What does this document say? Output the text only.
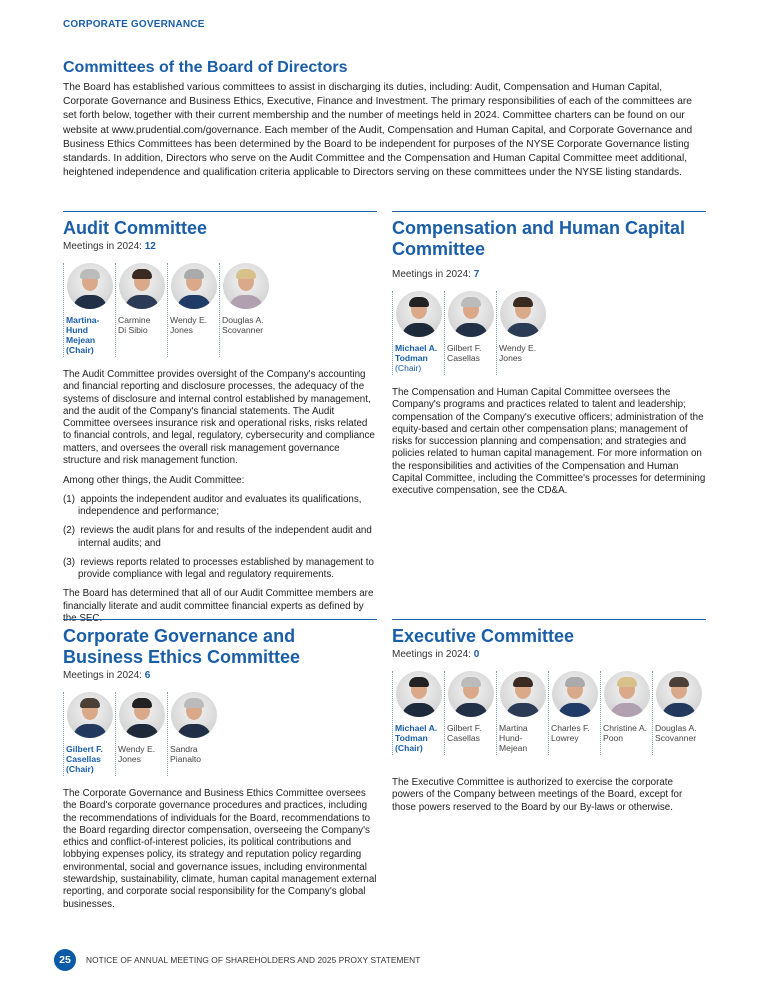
CORPORATE GOVERNANCE
Committees of the Board of Directors

The Board has established various committees to assist in discharging its duties, including: Audit, Compensation and Human Capital, Corporate Governance and Business Ethics, Executive, Finance and Investment. The primary responsibilities of each of the committees are set forth below, together with their current membership and the number of meetings held in 2024. Committee charters can be found on our website at www.prudential.com/governance. Each member of the Audit, Compensation and Human Capital, and Corporate Governance and Business Ethics Committees has been determined by the Board to be independent for purposes of the NYSE Corporate Governance listing standards. In addition, Directors who serve on the Audit Committee and the Compensation and Human Capital Committee meet additional, heightened independence and qualification criteria applicable to Directors serving on these committees under the NYSE listing standards.

Audit Committee
Meetings in 2024: 12
Martina-
Hund Mejean
(Chair)
Carmine
Di Sibio
Wendy E.
Jones
Douglas A.
Scovanner

The Audit Committee provides oversight of the Company's accounting and financial reporting and disclosure processes, the adequacy of the systems of disclosure and internal control established by management, and the audit of the Company's financial statements. The Audit Committee oversees insurance risk and operational risks, risks related to financial controls, and legal, regulatory, cybersecurity and compliance matters, and oversees the overall risk management governance structure and risk management function.

Among other things, the Audit Committee:

(1)  appoints the independent auditor and evaluates its qualifications, independence and performance;
(2)  reviews the audit plans for and results of the independent audit and internal audits; and
(3)  reviews reports related to processes established by management to provide compliance with legal and regulatory requirements.

The Board has determined that all of our Audit Committee members are financially literate and audit committee financial experts as defined by the SEC.

Compensation and Human Capital Committee
Meetings in 2024: 7
Michael A.
Todman
(Chair)
Gilbert F.
Casellas
Wendy E.
Jones

The Compensation and Human Capital Committee oversees the Company's programs and practices related to talent and leadership; compensation of the Company's executive officers; administration of the equity-based and certain other compensation plans; management of risks for succession planning and compensation; and strategies and policies related to human capital management. For more information on the responsibilities and activities of the Compensation and Human Capital Committee, including the Committee's processes for determining executive compensation, see the CD&A.

Corporate Governance and Business Ethics Committee
Meetings in 2024: 6
Gilbert F.
Casellas
(Chair)
Wendy E.
Jones
Sandra
Pianalto

The Corporate Governance and Business Ethics Committee oversees the Board's corporate governance procedures and practices, including the recommendations of individuals for the Board, recommendations to the Board regarding director compensation, overseeing the Company's ethics and conflict-of-interest policies, its political contributions and lobbying expenses policy, its strategy and reputation policy regarding environmental, social and governance issues, including environmental stewardship, sustainability, climate, human capital management external reporting, and corporate social responsibility for the Company's global businesses.

Executive Committee
Meetings in 2024: 0
Michael A.
Todman
(Chair)
Gilbert F.
Casellas
Martina
Hund-Mejean
Charles F.
Lowrey
Christine A.
Poon
Douglas A.
Scovanner

The Executive Committee is authorized to exercise the corporate powers of the Company between meetings of the Board, except for those powers reserved to the Board by our By-laws or otherwise.

25	NOTICE OF ANNUAL MEETING OF SHAREHOLDERS AND 2025 PROXY STATEMENT
